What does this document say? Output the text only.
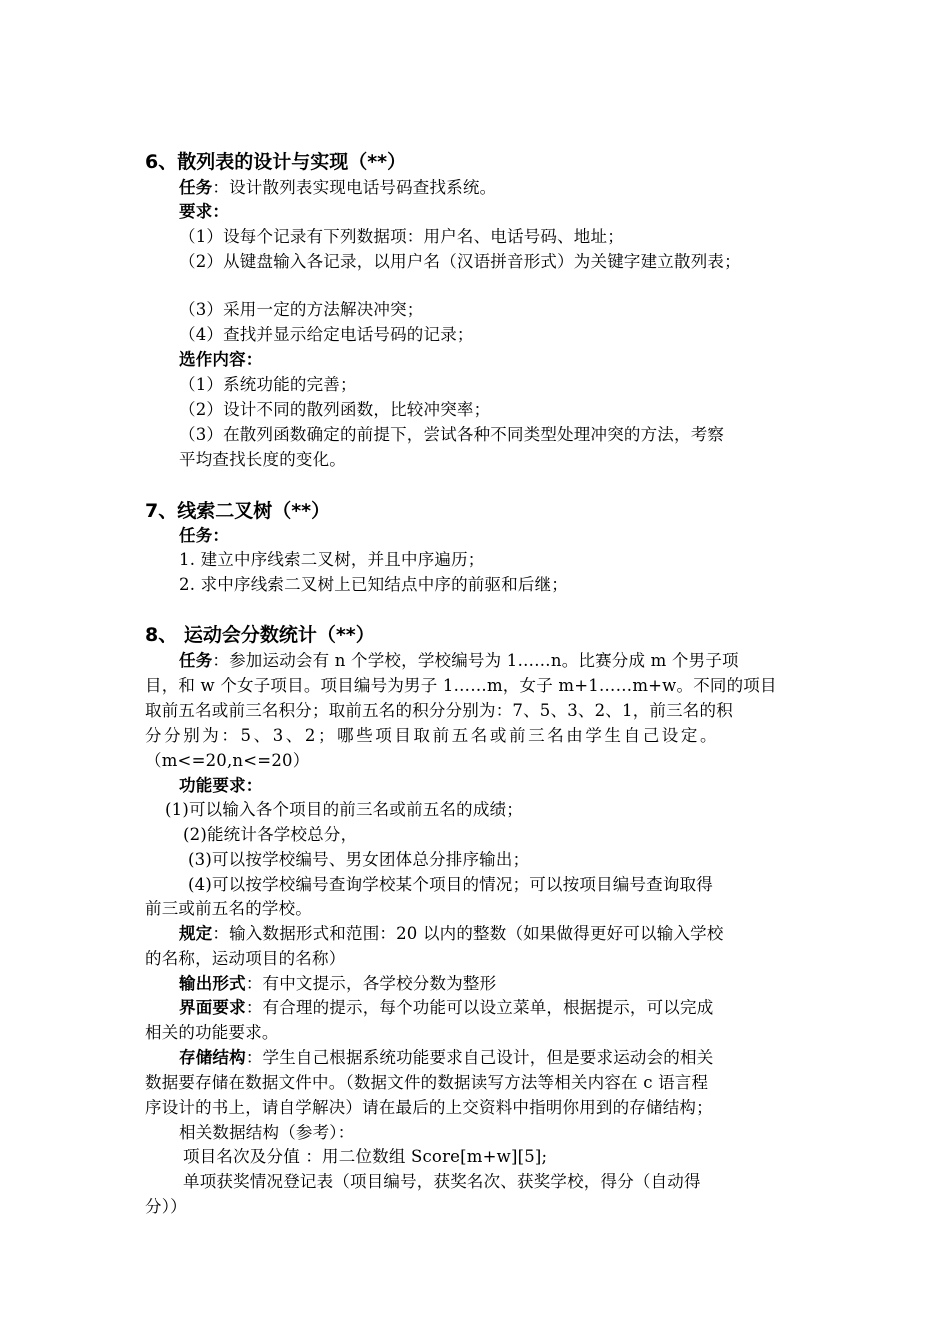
6、散列表的设计与实现（**）
任务：设计散列表实现电话号码查找系统。
要求：
（1）设每个记录有下列数据项：用户名、电话号码、地址；
（2）从键盘输入各记录，以用户名（汉语拼音形式）为关键字建立散列表；
（3）采用一定的方法解决冲突；
（4）查找并显示给定电话号码的记录；
选作内容：
（1）系统功能的完善；
（2）设计不同的散列函数，比较冲突率；
（3）在散列函数确定的前提下，尝试各种不同类型处理冲突的方法，考察
平均查找长度的变化。
7、线索二叉树（**）
任务：
1. 建立中序线索二叉树，并且中序遍历；
2. 求中序线索二叉树上已知结点中序的前驱和后继；
8、 运动会分数统计（**）
任务：参加运动会有 n 个学校，学校编号为 1……n。比赛分成 m 个男子项
目，和 w 个女子项目。项目编号为男子 1……m，女子 m+1……m+w。不同的项目
取前五名或前三名积分；取前五名的积分分别为：7、5、3、2、1，前三名的积
分分别为：5、3、2；哪些项目取前五名或前三名由学生自己设定。
（m<=20,n<=20）
功能要求：
(1)可以输入各个项目的前三名或前五名的成绩；
(2)能统计各学校总分，
(3)可以按学校编号、男女团体总分排序输出；
(4)可以按学校编号查询学校某个项目的情况；可以按项目编号查询取得
前三或前五名的学校。
规定：输入数据形式和范围：20 以内的整数（如果做得更好可以输入学校
的名称，运动项目的名称）
输出形式：有中文提示，各学校分数为整形
界面要求：有合理的提示，每个功能可以设立菜单，根据提示，可以完成
相关的功能要求。
存储结构：学生自己根据系统功能要求自己设计，但是要求运动会的相关
数据要存储在数据文件中。（数据文件的数据读写方法等相关内容在 c 语言程
序设计的书上，请自学解决）请在最后的上交资料中指明你用到的存储结构；
相关数据结构（参考）：
项目名次及分值 ：用二位数组 Score[m+w][5];
单项获奖情况登记表（项目编号，获奖名次、获奖学校，得分（自动得
分））
